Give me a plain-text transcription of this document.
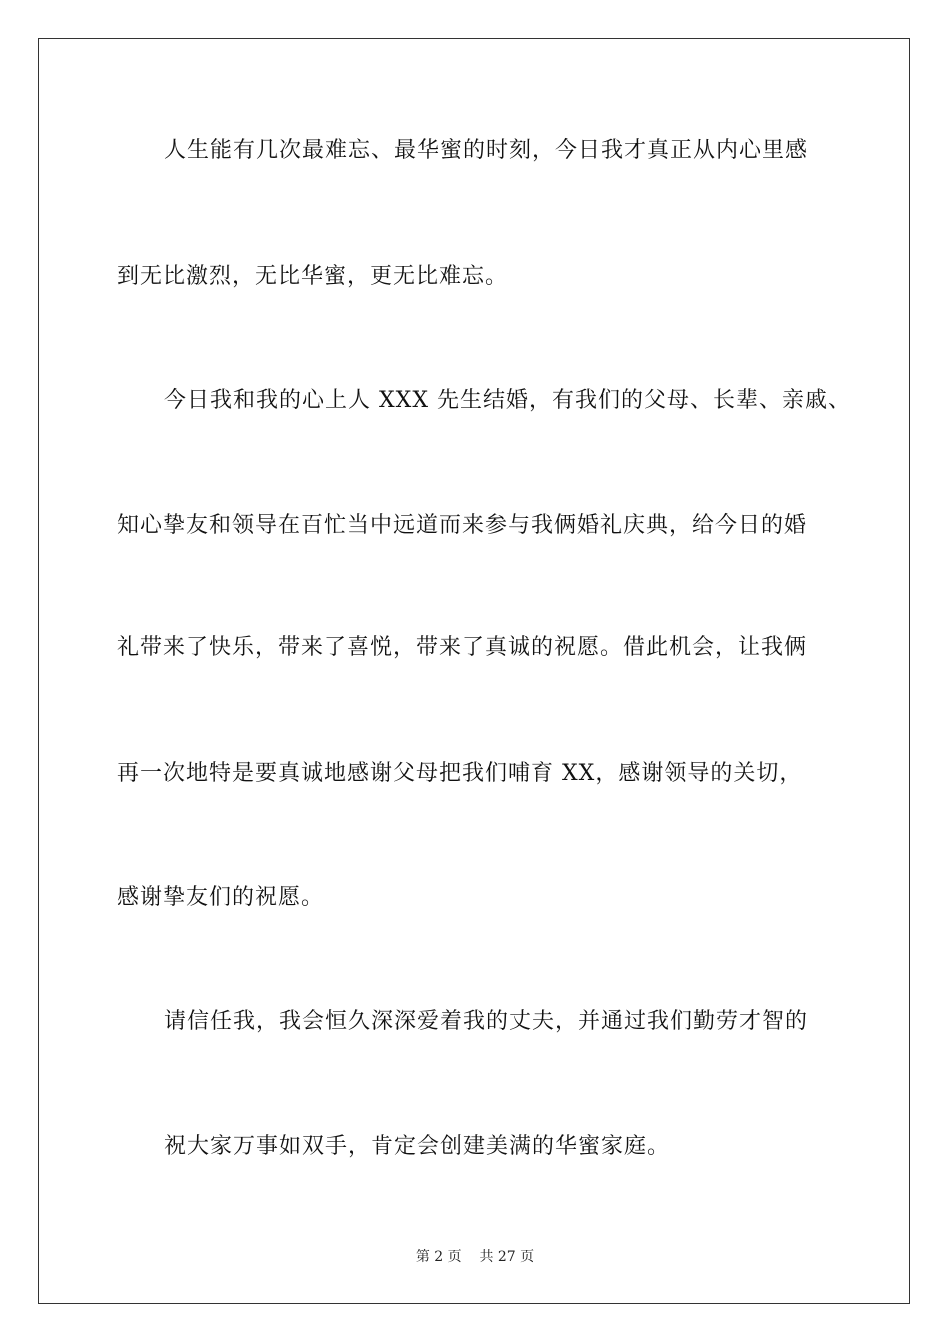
人生能有几次最难忘、最华蜜的时刻，今日我才真正从内心里感
到无比激烈，无比华蜜，更无比难忘。
今日我和我的心上人 XXX 先生结婚，有我们的父母、长辈、亲戚、
知心挚友和领导在百忙当中远道而来参与我俩婚礼庆典，给今日的婚
礼带来了快乐，带来了喜悦，带来了真诚的祝愿。借此机会，让我俩
再一次地特是要真诚地感谢父母把我们哺育 XX，感谢领导的关切，
感谢挚友们的祝愿。
请信任我，我会恒久深深爱着我的丈夫，并通过我们勤劳才智的
祝大家万事如双手，肯定会创建美满的华蜜家庭。
第 2 页 共 27 页
